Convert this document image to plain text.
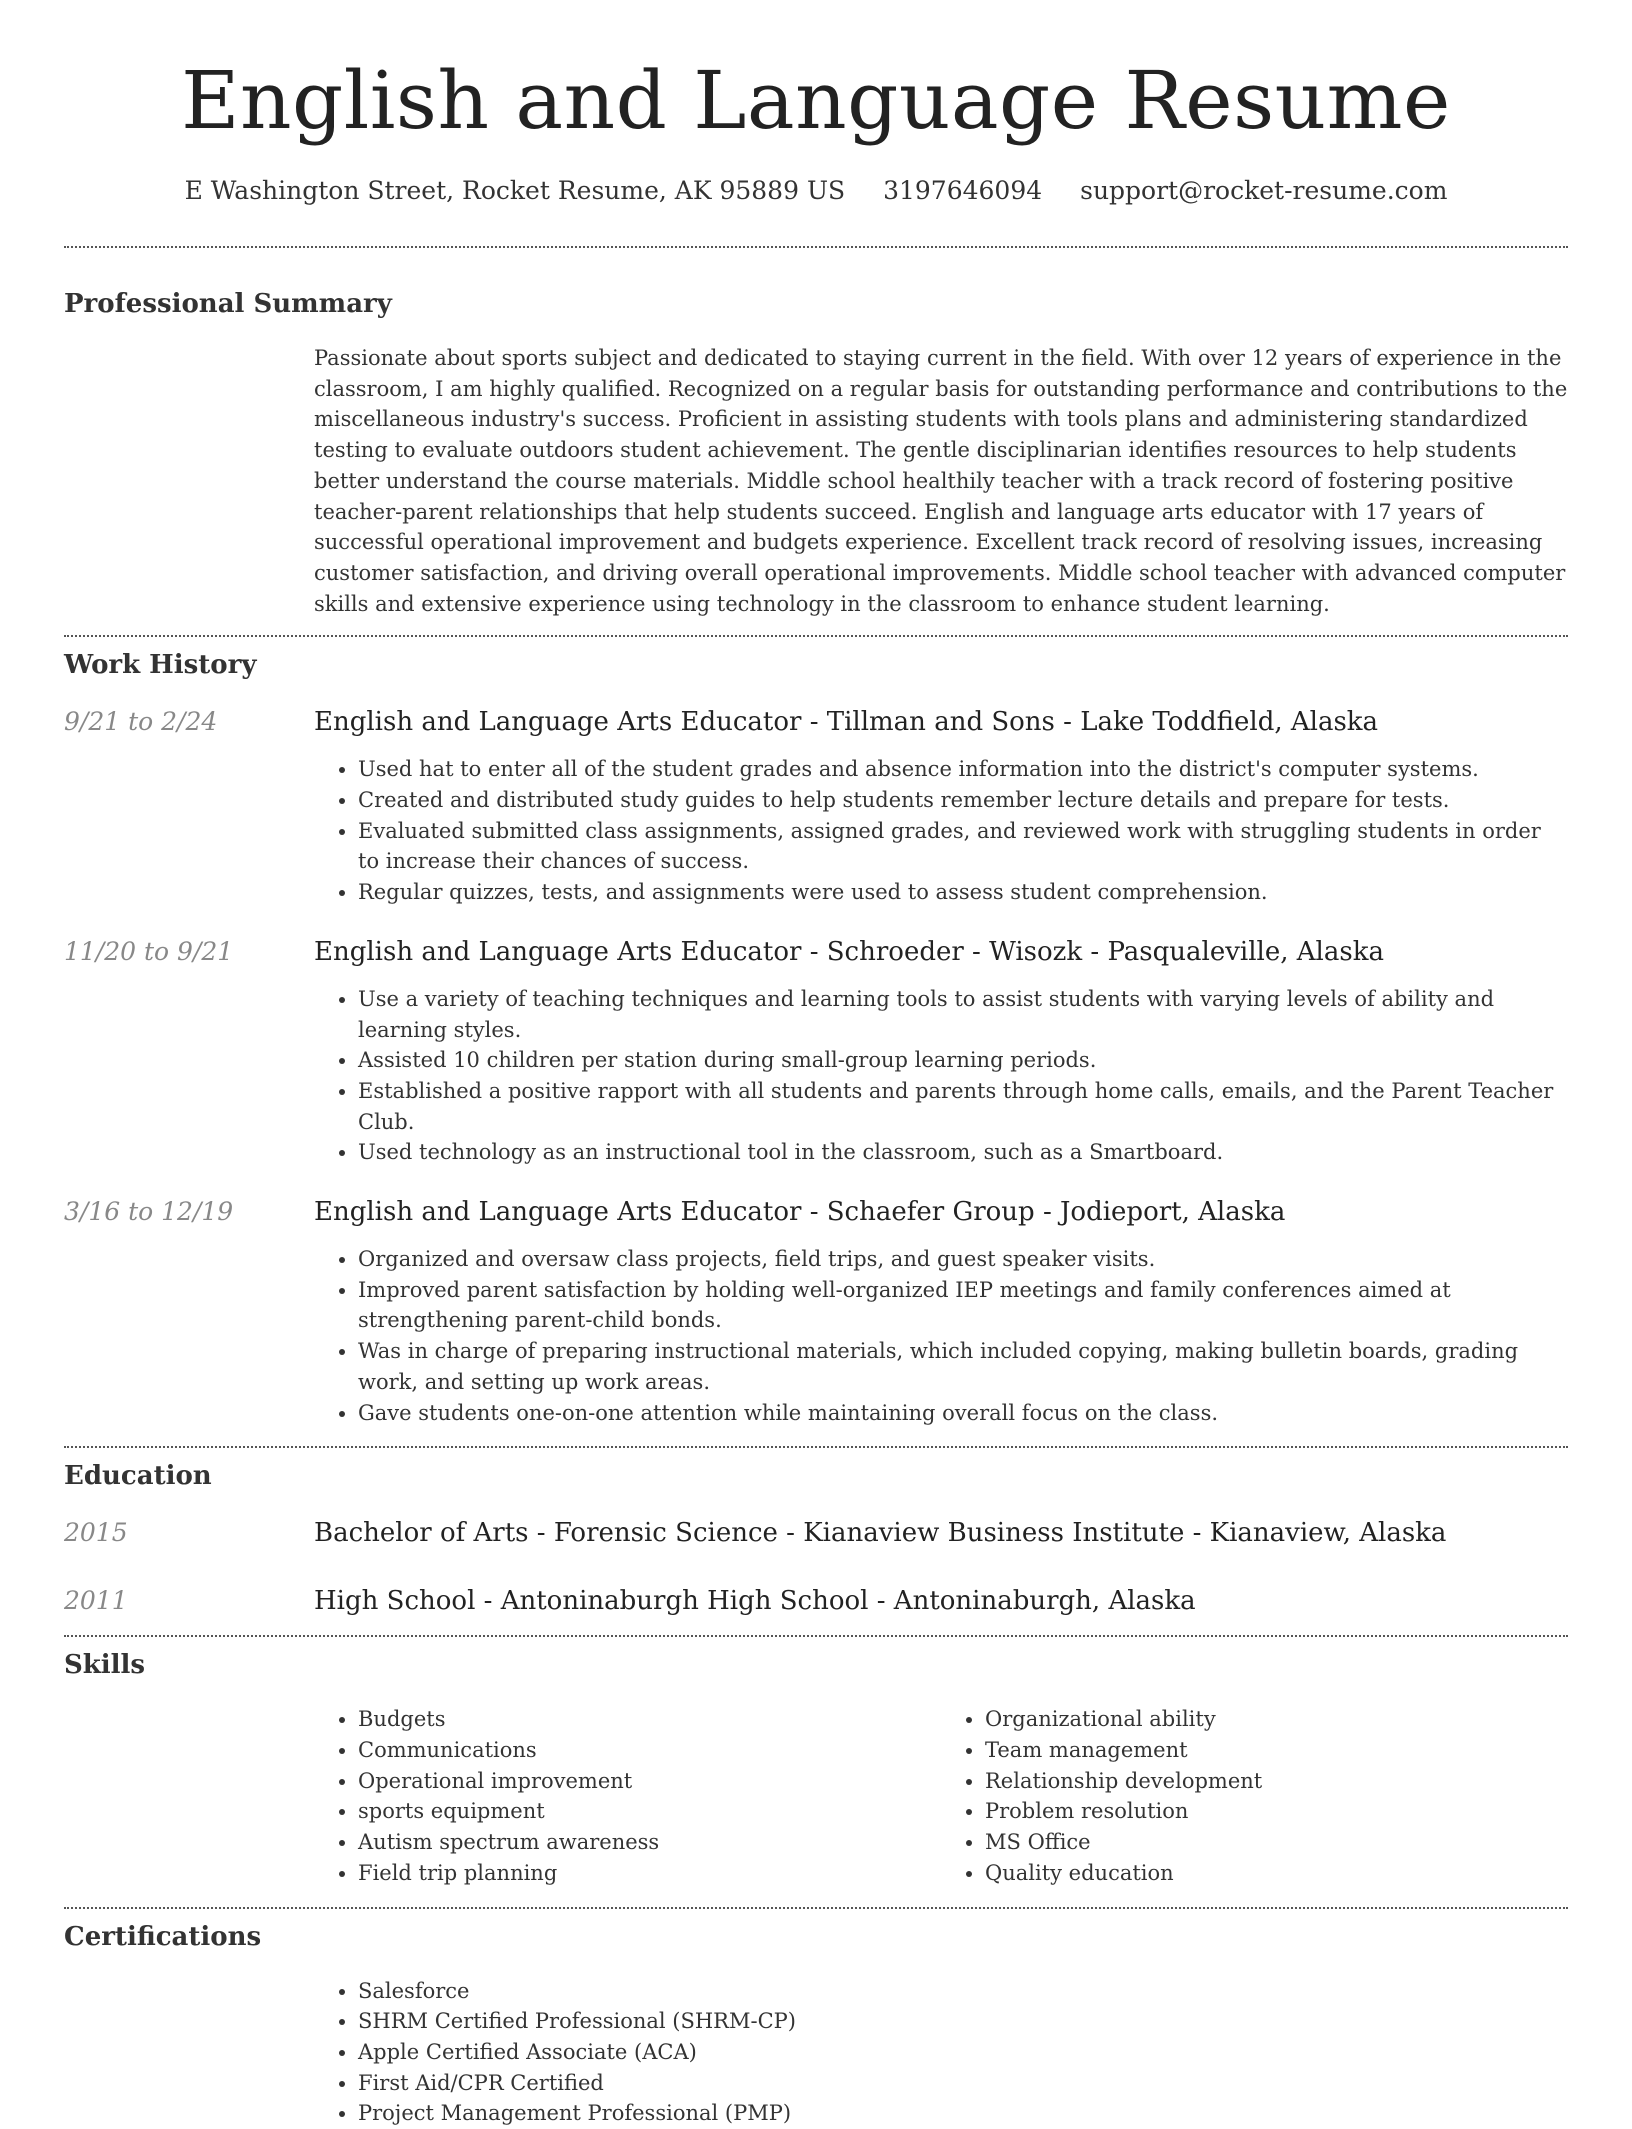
English and Language Resume
E Washington Street, Rocket Resume, AK 95889 US 3197646094 support@rocket-resume.com
Professional Summary

Passionate about sports subject and dedicated to staying current in the field. With over 12 years of experience in the classroom, I am highly qualified. Recognized on a regular basis for outstanding performance and contributions to the miscellaneous industry's success. Proficient in assisting students with tools plans and administering standardized testing to evaluate outdoors student achievement. The gentle disciplinarian identifies resources to help students better understand the course materials. Middle school healthily teacher with a track record of fostering positive teacher-parent relationships that help students succeed. English and language arts educator with 17 years of successful operational improvement and budgets experience. Excellent track record of resolving issues, increasing customer satisfaction, and driving overall operational improvements. Middle school teacher with advanced computer skills and extensive experience using technology in the classroom to enhance student learning.

Work History
9/21 to 2/24	English and Language Arts Educator - Tillman and Sons - Lake Toddfield, Alaska
• Used hat to enter all of the student grades and absence information into the district's computer systems.
• Created and distributed study guides to help students remember lecture details and prepare for tests.
• Evaluated submitted class assignments, assigned grades, and reviewed work with struggling students in order to increase their chances of success.
• Regular quizzes, tests, and assignments were used to assess student comprehension.
11/20 to 9/21	English and Language Arts Educator - Schroeder - Wisozk - Pasqualeville, Alaska
• Use a variety of teaching techniques and learning tools to assist students with varying levels of ability and learning styles.
• Assisted 10 children per station during small-group learning periods.
• Established a positive rapport with all students and parents through home calls, emails, and the Parent Teacher Club.
• Used technology as an instructional tool in the classroom, such as a Smartboard.
3/16 to 12/19	English and Language Arts Educator - Schaefer Group - Jodieport, Alaska
• Organized and oversaw class projects, field trips, and guest speaker visits.
• Improved parent satisfaction by holding well-organized IEP meetings and family conferences aimed at strengthening parent-child bonds.
• Was in charge of preparing instructional materials, which included copying, making bulletin boards, grading work, and setting up work areas.
• Gave students one-on-one attention while maintaining overall focus on the class.
Education
2015	Bachelor of Arts - Forensic Science - Kianaview Business Institute - Kianaview, Alaska
2011	High School - Antoninaburgh High School - Antoninaburgh, Alaska
Skills
• Budgets
• Communications
• Operational improvement
• sports equipment
• Autism spectrum awareness
• Field trip planning
• Organizational ability
• Team management
• Relationship development
• Problem resolution
• MS Office
• Quality education
Certifications
• Salesforce
• SHRM Certified Professional (SHRM-CP)
• Apple Certified Associate (ACA)
• First Aid/CPR Certified
• Project Management Professional (PMP)
